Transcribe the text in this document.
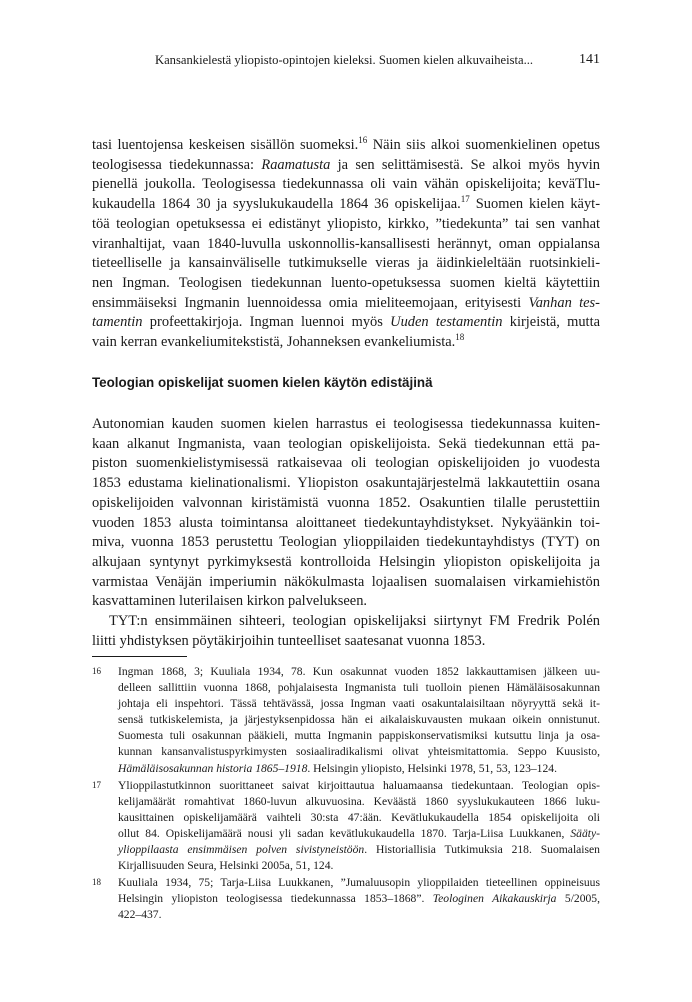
Kansankielestä yliopisto-opintojen kieleksi. Suomen kielen alkuvaiheista...	141
tasi luentojensa keskeisen sisällön suomeksi.$^{16}$ Näin siis alkoi suomenkielinen opetus
teologisessa tiedekunnassa: Raamatusta ja sen selittämisestä. Se alkoi myös hyvin
pienellä joukolla. Teologisessa tiedekunnassa oli vain vähän opiskelijoita; keväTlu-
kukaudella 1864 30 ja syyslukukaudella 1864 36 opiskelijaa.$^{17}$ Suomen kielen käyt-
töä teologian opetuksessa ei edistänyt yliopisto, kirkko, ”tiedekunta” tai sen vanhat
viranhaltijat, vaan 1840-luvulla uskonnollis-kansallisesti herännyt, oman oppialansa
tieteelliselle ja kansainväliselle tutkimukselle vieras ja äidinkieleltään ruotsinkieli-
nen Ingman. Teologisen tiedekunnan luento-opetuksessa suomen kieltä käytettiin
ensimmäiseksi Ingmanin luennoidessa omia mieliteemojaan, erityisesti Vanhan tes-
tamentin profeettakirjoja. Ingman luennoi myös Uuden testamentin kirjeistä, mutta
vain kerran evankeliumitekstistä, Johanneksen evankeliumista.$^{18}$
Teologian opiskelijat suomen kielen käytön edistäjinä
Autonomian kauden suomen kielen harrastus ei teologisessa tiedekunnassa kuiten-
kaan alkanut Ingmanista, vaan teologian opiskelijoista. Sekä tiedekunnan että pa-
piston suomenkielistymisessä ratkaisevaa oli teologian opiskelijoiden jo vuodesta
1853 edustama kielinationalismi. Yliopiston osakuntajärjestelmä lakkautettiin osana
opiskelijoiden valvonnan kiristämistä vuonna 1852. Osakuntien tilalle perustettiin
vuoden 1853 alusta toimintansa aloittaneet tiedekuntayhdistykset. Nykyäänkin toi-
miva, vuonna 1853 perustettu Teologian ylioppilaiden tiedekuntayhdistys (TYT) on
alkujaan syntynyt pyrkimyksestä kontrolloida Helsingin yliopiston opiskelijoita ja
varmistaa Venäjän imperiumin näkökulmasta lojaalisen suomalaisen virkamiehistön
kasvattaminen luterilaisen kirkon palvelukseen.
TYT:n ensimmäinen sihteeri, teologian opiskelijaksi siirtynyt FM Fredrik Polén
liitti yhdistyksen pöytäkirjoihin tunteelliset saatesanat vuonna 1853.
16 Ingman 1868, 3; Kuuliala 1934, 78. Kun osakunnat vuoden 1852 lakkauttamisen jälkeen uu-
delleen sallittiin vuonna 1868, pohjalaisesta Ingmanista tuli tuolloin pienen Hämäläisosakunnan
johtaja eli inspehtori. Tässä tehtävässä, jossa Ingman vaati osakuntalaisiltaan nöyryyttä sekä it-
sensä tutkiskelemista, ja järjestyksenpidossa hän ei aikalaiskuvausten mukaan oikein onnistunut.
Suomesta tuli osakunnan pääkieli, mutta Ingmanin pappiskonservatismiksi kutsuttu linja ja osa-
kunnan kansanvalistuspyrkimysten sosiaaliradikalismi olivat yhteismitattomia. Seppo Kuusisto,
Hämäläisosakunnan historia 1865–1918. Helsingin yliopisto, Helsinki 1978, 51, 53, 123–124.
17 Ylioppilastutkinnon suorittaneet saivat kirjoittautua haluamaansa tiedekuntaan. Teologian opis-
kelijamäärät romahtivat 1860-luvun alkuvuosina. Keväästä 1860 syyslukukauteen 1866 luku-
kausittainen opiskelijamäärä vaihteli 30:sta 47:ään. Kevätlukukaudella 1854 opiskelijoita oli
ollut 84. Opiskelijamäärä nousi yli sadan kevätlukukaudella 1870. Tarja-Liisa Luukkanen, Sääty-
ylioppilaasta ensimmäisen polven sivistyneistöön. Historiallisia Tutkimuksia 218. Suomalaisen
Kirjallisuuden Seura, Helsinki 2005a, 51, 124.
18 Kuuliala 1934, 75; Tarja-Liisa Luukkanen, ”Jumaluusopin ylioppilaiden tieteellinen oppineisuus
Helsingin yliopiston teologisessa tiedekunnassa 1853–1868”. Teologinen Aikakauskirja 5/2005,
422–437.
